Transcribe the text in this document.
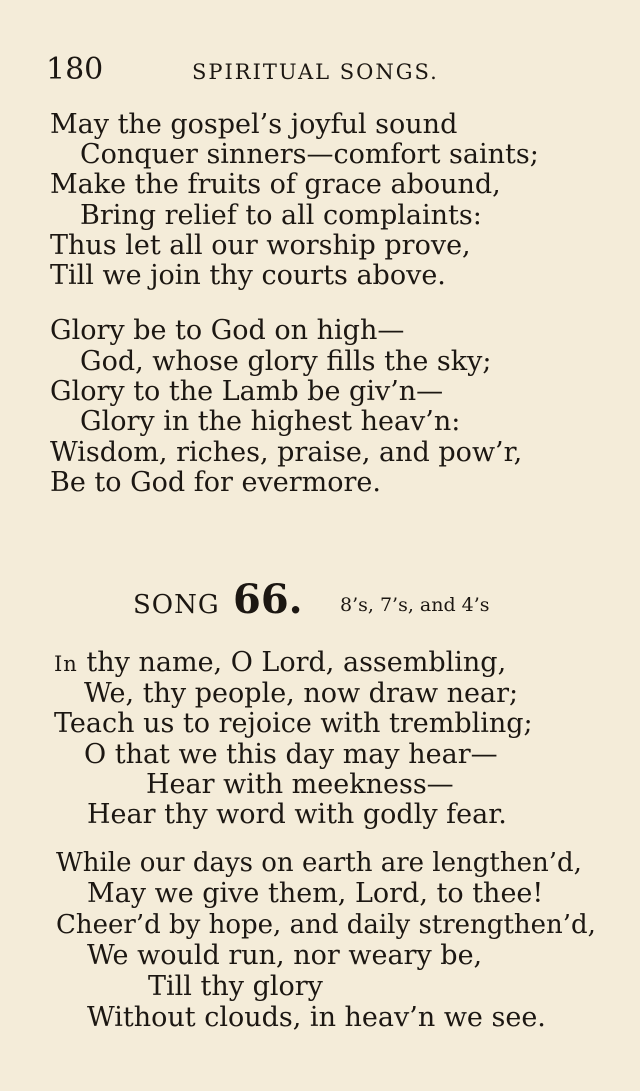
180	SPIRITUAL SONGS.
May the gospel’s joyful sound
Conquer sinners—comfort saints;
Make the fruits of grace abound,
Bring relief to all complaints:
Thus let all our worship prove,
Till we join thy courts above.
Glory be to God on high—
God, whose glory fills the sky;
Glory to the Lamb be giv’n—
Glory in the highest heav’n:
Wisdom, riches, praise, and pow’r,
Be to God for evermore.
SONG 66. 8’s, 7’s, and 4’s
In thy name, O Lord, assembling,
We, thy people, now draw near;
Teach us to rejoice with trembling;
O that we this day may hear—
Hear with meekness—
Hear thy word with godly fear.
While our days on earth are lengthen’d,
May we give them, Lord, to thee!
Cheer’d by hope, and daily strengthen’d,
We would run, nor weary be,
Till thy glory
Without clouds, in heav’n we see.
